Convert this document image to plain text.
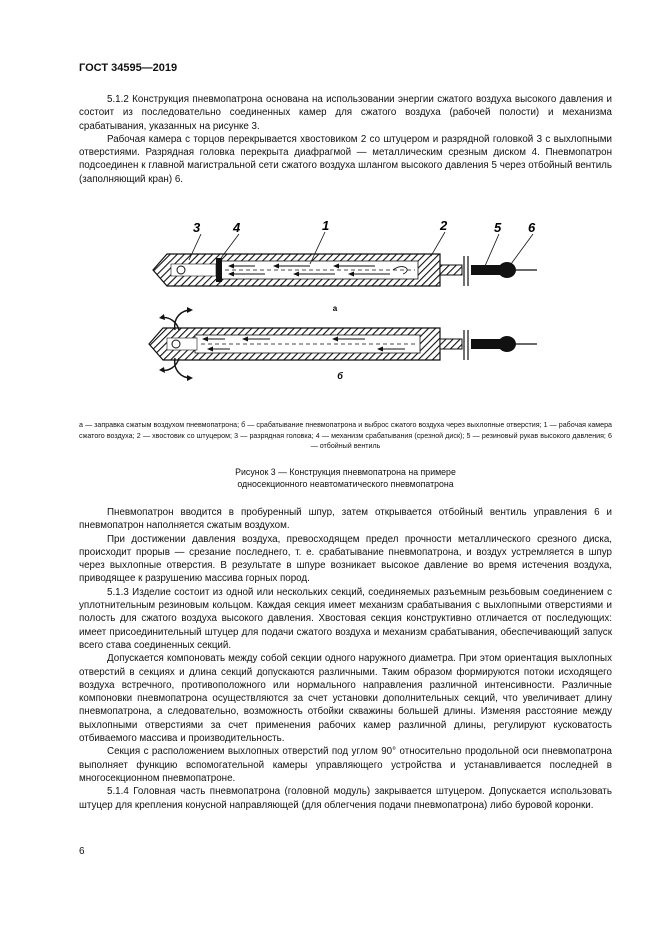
ГОСТ 34595—2019

5.1.2 Конструкция пневмопатрона основана на использовании энергии сжатого воздуха высокого давления и состоит из последовательно соединенных камер для сжатого воздуха (рабочей полости) и механизма срабатывания, указанных на рисунке 3.

Рабочая камера с торцов перекрывается хвостовиком 2 со штуцером и разрядной головкой 3 с выхлопными отверстиями. Разрядная головка перекрыта диафрагмой — металлическим срезным диском 4. Пневмопатрон подсоединен к главной магистральной сети сжатого воздуха шлангом высокого давления 5 через отбойный вентиль (заполняющий кран) 6.

3	4	1	2	5 6
а
б
а — заправка сжатым воздухом пневмопатрона; б — срабатывание пневмопатрона и выброс сжатого воздуха через выхлопные отверстия; 1 — рабочая камера сжатого воздуха; 2 — хвостовик со штуцером; 3 — разрядная головка; 4 — механизм срабатывания (срезной диск); 5 — резиновый рукав высокого давления; 6 — отбойный вентиль
Рисунок 3 — Конструкция пневмопатрона на примере
односекционного неавтоматического пневмопатрона

Пневмопатрон вводится в пробуренный шпур, затем открывается отбойный вентиль управления 6 и пневмопатрон наполняется сжатым воздухом.

При достижении давления воздуха, превосходящем предел прочности металлического срезного диска, происходит прорыв — срезание последнего, т. е. срабатывание пневмопатрона, и воздух устремляется в шпур через выхлопные отверстия. В результате в шпуре возникает высокое давление во время истечения воздуха, приводящее к разрушению массива горных пород.

5.1.3 Изделие состоит из одной или нескольких секций, соединяемых разъемным резьбовым соединением с уплотнительным резиновым кольцом. Каждая секция имеет механизм срабатывания с выхлопными отверстиями и полость для сжатого воздуха высокого давления. Хвостовая секция конструктивно отличается от последующих: имеет присоединительный штуцер для подачи сжатого воздуха и механизм срабатывания, обеспечивающий запуск всего става соединенных секций.

Допускается компоновать между собой секции одного наружного диаметра. При этом ориентация выхлопных отверстий в секциях и длина секций допускаются различными. Таким образом формируются потоки исходящего воздуха встречного, противоположного или нормального направления различной интенсивности. Различные компоновки пневмопатрона осуществляются за счет установки дополнительных секций, что увеличивает длину пневмопатрона, а следовательно, возможность отбойки скважины большей длины. Изменяя расстояние между выхлопными отверстиями за счет применения рабочих камер различной длины, регулируют кусковатость отбиваемого массива и производительность.

Секция с расположением выхлопных отверстий под углом 90° относительно продольной оси пневмопатрона выполняет функцию вспомогательной камеры управляющего устройства и устанавливается последней в многосекционном пневмопатроне.

5.1.4 Головная часть пневмопатрона (головной модуль) закрывается штуцером. Допускается использовать штуцер для крепления конусной направляющей (для облегчения подачи пневмопатрона) либо буровой коронки.

6
